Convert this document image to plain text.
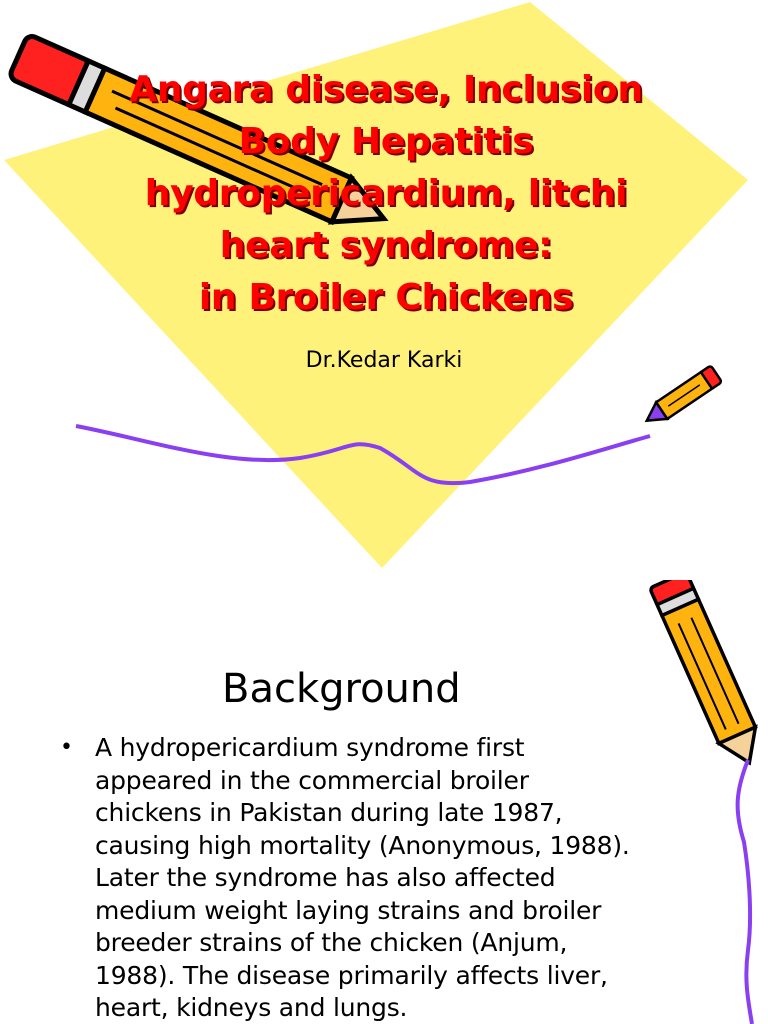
Angara disease, Inclusion
Body Hepatitis
hydropericardium, litchi
heart syndrome:
in Broiler Chickens

Dr.Kedar Karki

Background
• A hydropericardium syndrome first
appeared in the commercial broiler
chickens in Pakistan during late 1987,
causing high mortality (Anonymous, 1988).
Later the syndrome has also affected
medium weight laying strains and broiler
breeder strains of the chicken (Anjum,
1988). The disease primarily affects liver,
heart, kidneys and lungs.
